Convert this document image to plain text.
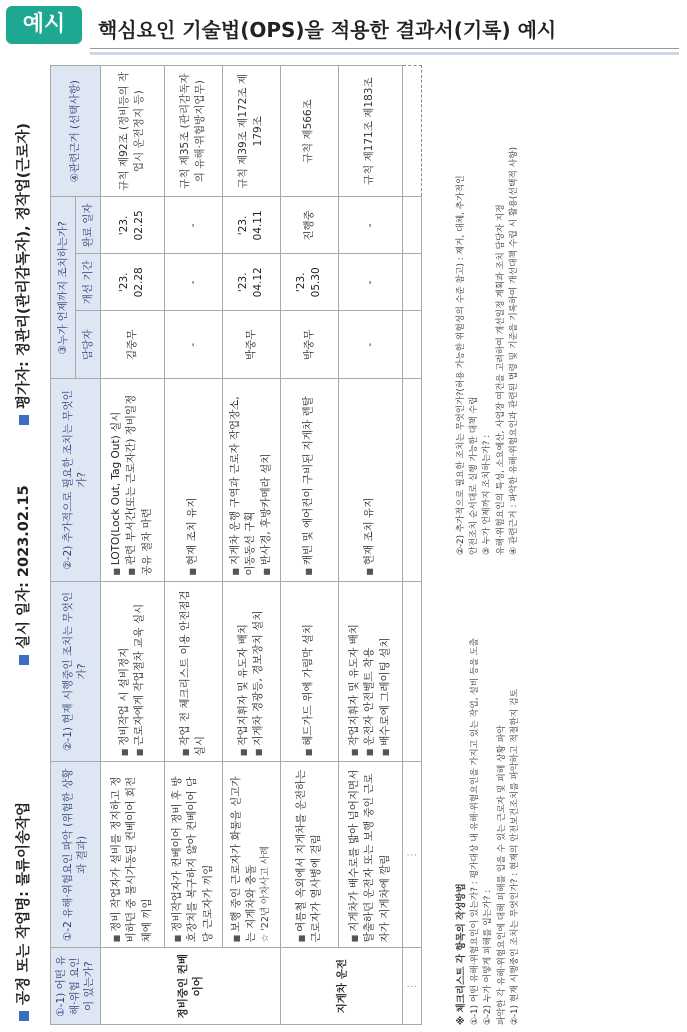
예시	핵심요인 기술법(OPS)을 적용한 결과서(기록) 예시
공정 또는 작업명: 물류이송작업
실시 일자: 2023.02.15
평가자: 정관리(관리감독자), 정작업(근로자)
①-1) 어떤 유해·위험 요인이 있는가?	①-2 유해·위험요인 파악 (위험한 상황과 결과)	②-1) 현재 시행중인 조치는 무엇인가?	②-2) 추가적으로 필요한 조치는 무엇인가?	③누가 언제까지 조치하는가?			④관련근거 (선택사항)
				담당자	개선 기간	완료 일자	
정비중인 컨베이어	■ 정비 작업자가 설비를 정지하고 정비하던 중 불시가동된 컨베이어 회전체에 끼임	■ 정비작업 시 설비정지 ■ 근로자에게 작업절차 교육 실시	■ LOTO(Lock Out, Tag Out) 실시 ■ 관련 부서간(또는 근로자간) 정비일정 공유 절차 마련	김중무	'23. 02.28	'23. 02.25	규칙 제92조 (정비등의 작업시 운전정지 등)

	■ 정비작업자가 컨베이어 정비 후 방호장치를 복구하지 않아 컨베이어 담당 근로자가 끼임	■ 작업 전 체크리스트 이용 안전점검 실시	■ 현재 조치 유지	-	-	-	규칙 제35조 (관리감독자의 유해·위험방지업무)

	■ 보행 중인 근로자가 화물을 싣고가는 지게차와 충돌 ☆ '22년 아차사고 사례	■ 작업지휘자 및 유도자 배치 ■ 지게차 경광등, 경보장치 설치	■ 지게차 운행 구역과 근로자 작업장소, 이동동선 구획 ■ 반사경, 후방카메라 설치	박중무	'23. 04.12	'23. 04.11	규칙 제39조 제172조 제179조
지게차 운전	■ 여름철 옥외에서 지게차를 운전하는 근로자가 열사병에 걸림	■ 헤드가드 위에 가림막 설치	■ 캐빈 및 에어컨이 구비된 지게차 렌탈	박중무	'23. 05.30	진행중	규칙 제566조

	■ 지게차가 배수로를 밟아 넘어지면서 탈출하던 운전자 또는 보행 중인 근로자가 지게차에 깔림	■ 작업지휘자 및 유도자 배치 ■ 운전자 안전벨트 착용 ■ 배수로에 그레이팅 설치	■ 현재 조치 유지	-	-	-	규칙 제171조 제183조
⋮	⋮						
※ 체크리스트 각 항목의 작성방법 ①-1) 어떤 유해·위험요인이 있는가? : 평가대상 내 유해·위험요인을 가지고 있는 작업, 설비 등을 도출 ①-2) 누가 어떻게 피해를 입는가? : 파악한 각 유해·위험요인에 대해 피해를 입을 수 있는 근로자 및 피해 상황 파악 ②-1) 현재 시행중인 조치는 무엇인가? : 현재의 안전보건조치를 파악하고 적절한지 검토
②-2) 추가적으로 필요한 조치는 무엇인가?(허용 가능한 위험성의 수준 참고) : 제거, 대체, 추가적인 안전조치 순서대로 실행 가능한 대책 수립 ③ 누가 언제까지 조치하는가? : 유해·위험요인의 특성, 소요예산, 사업장 여건을 고려하여 개선일정 계획과 조치 담당자 지정 ④ 관련근거 : 파악한 유해·위험요인과 관련된 법령 및 기준을 기록하여 개선대책 수립 시 활용(선택적 사항)
